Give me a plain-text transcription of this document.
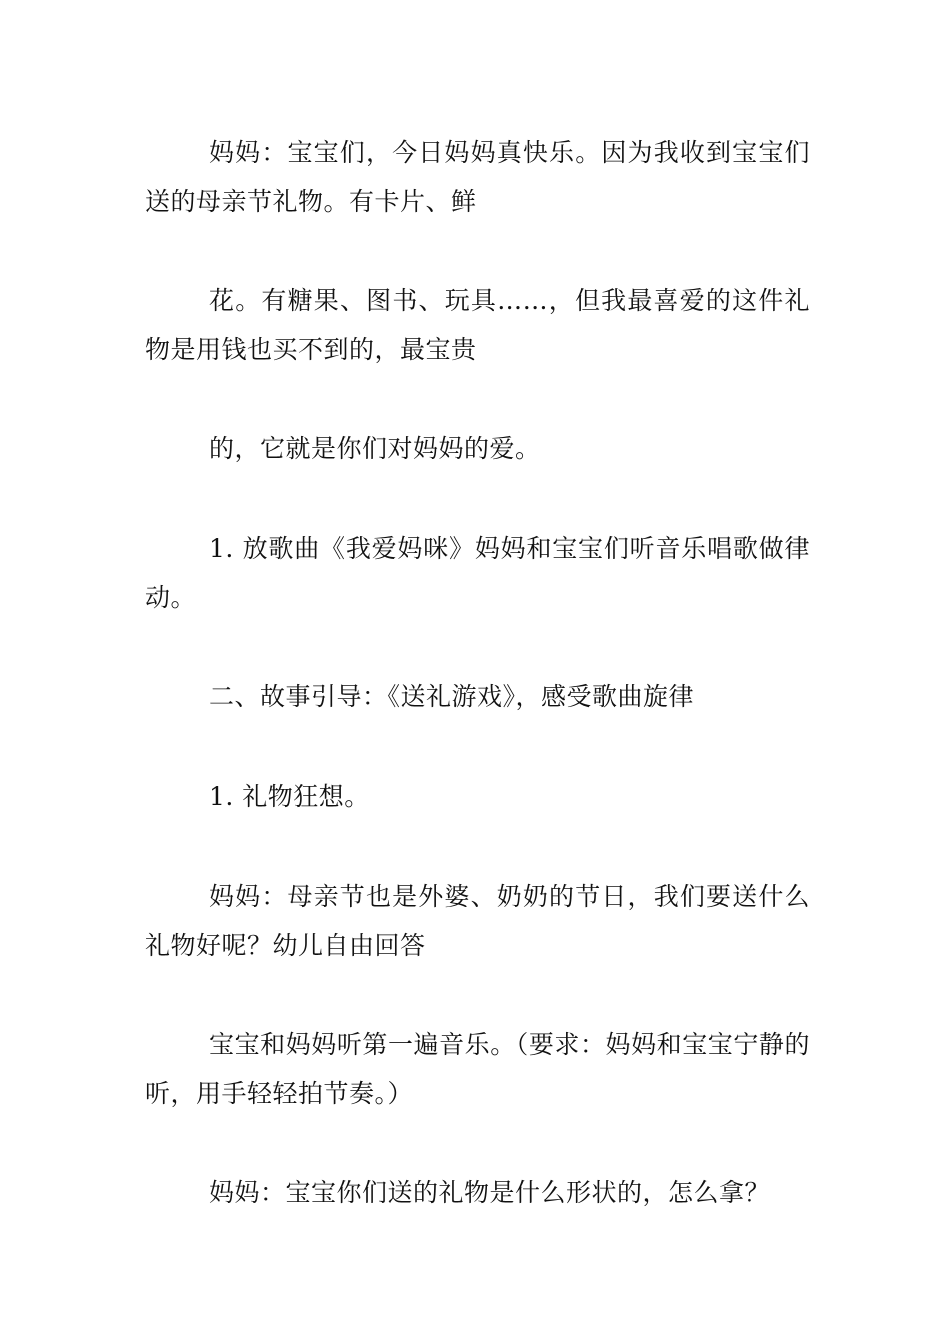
妈妈：宝宝们，今日妈妈真快乐。因为我收到宝宝们送的母亲节礼物。有卡片、鲜

花。有糖果、图书、玩具……，但我最喜爱的这件礼物是用钱也买不到的，最宝贵

的，它就是你们对妈妈的爱。

1. 放歌曲《我爱妈咪》妈妈和宝宝们听音乐唱歌做律动。

二、故事引导：《送礼游戏》，感受歌曲旋律

1. 礼物狂想。

妈妈：母亲节也是外婆、奶奶的节日，我们要送什么礼物好呢？幼儿自由回答

宝宝和妈妈听第一遍音乐。（要求：妈妈和宝宝宁静的听，用手轻轻拍节奏。）

妈妈：宝宝你们送的礼物是什么形状的，怎么拿？
